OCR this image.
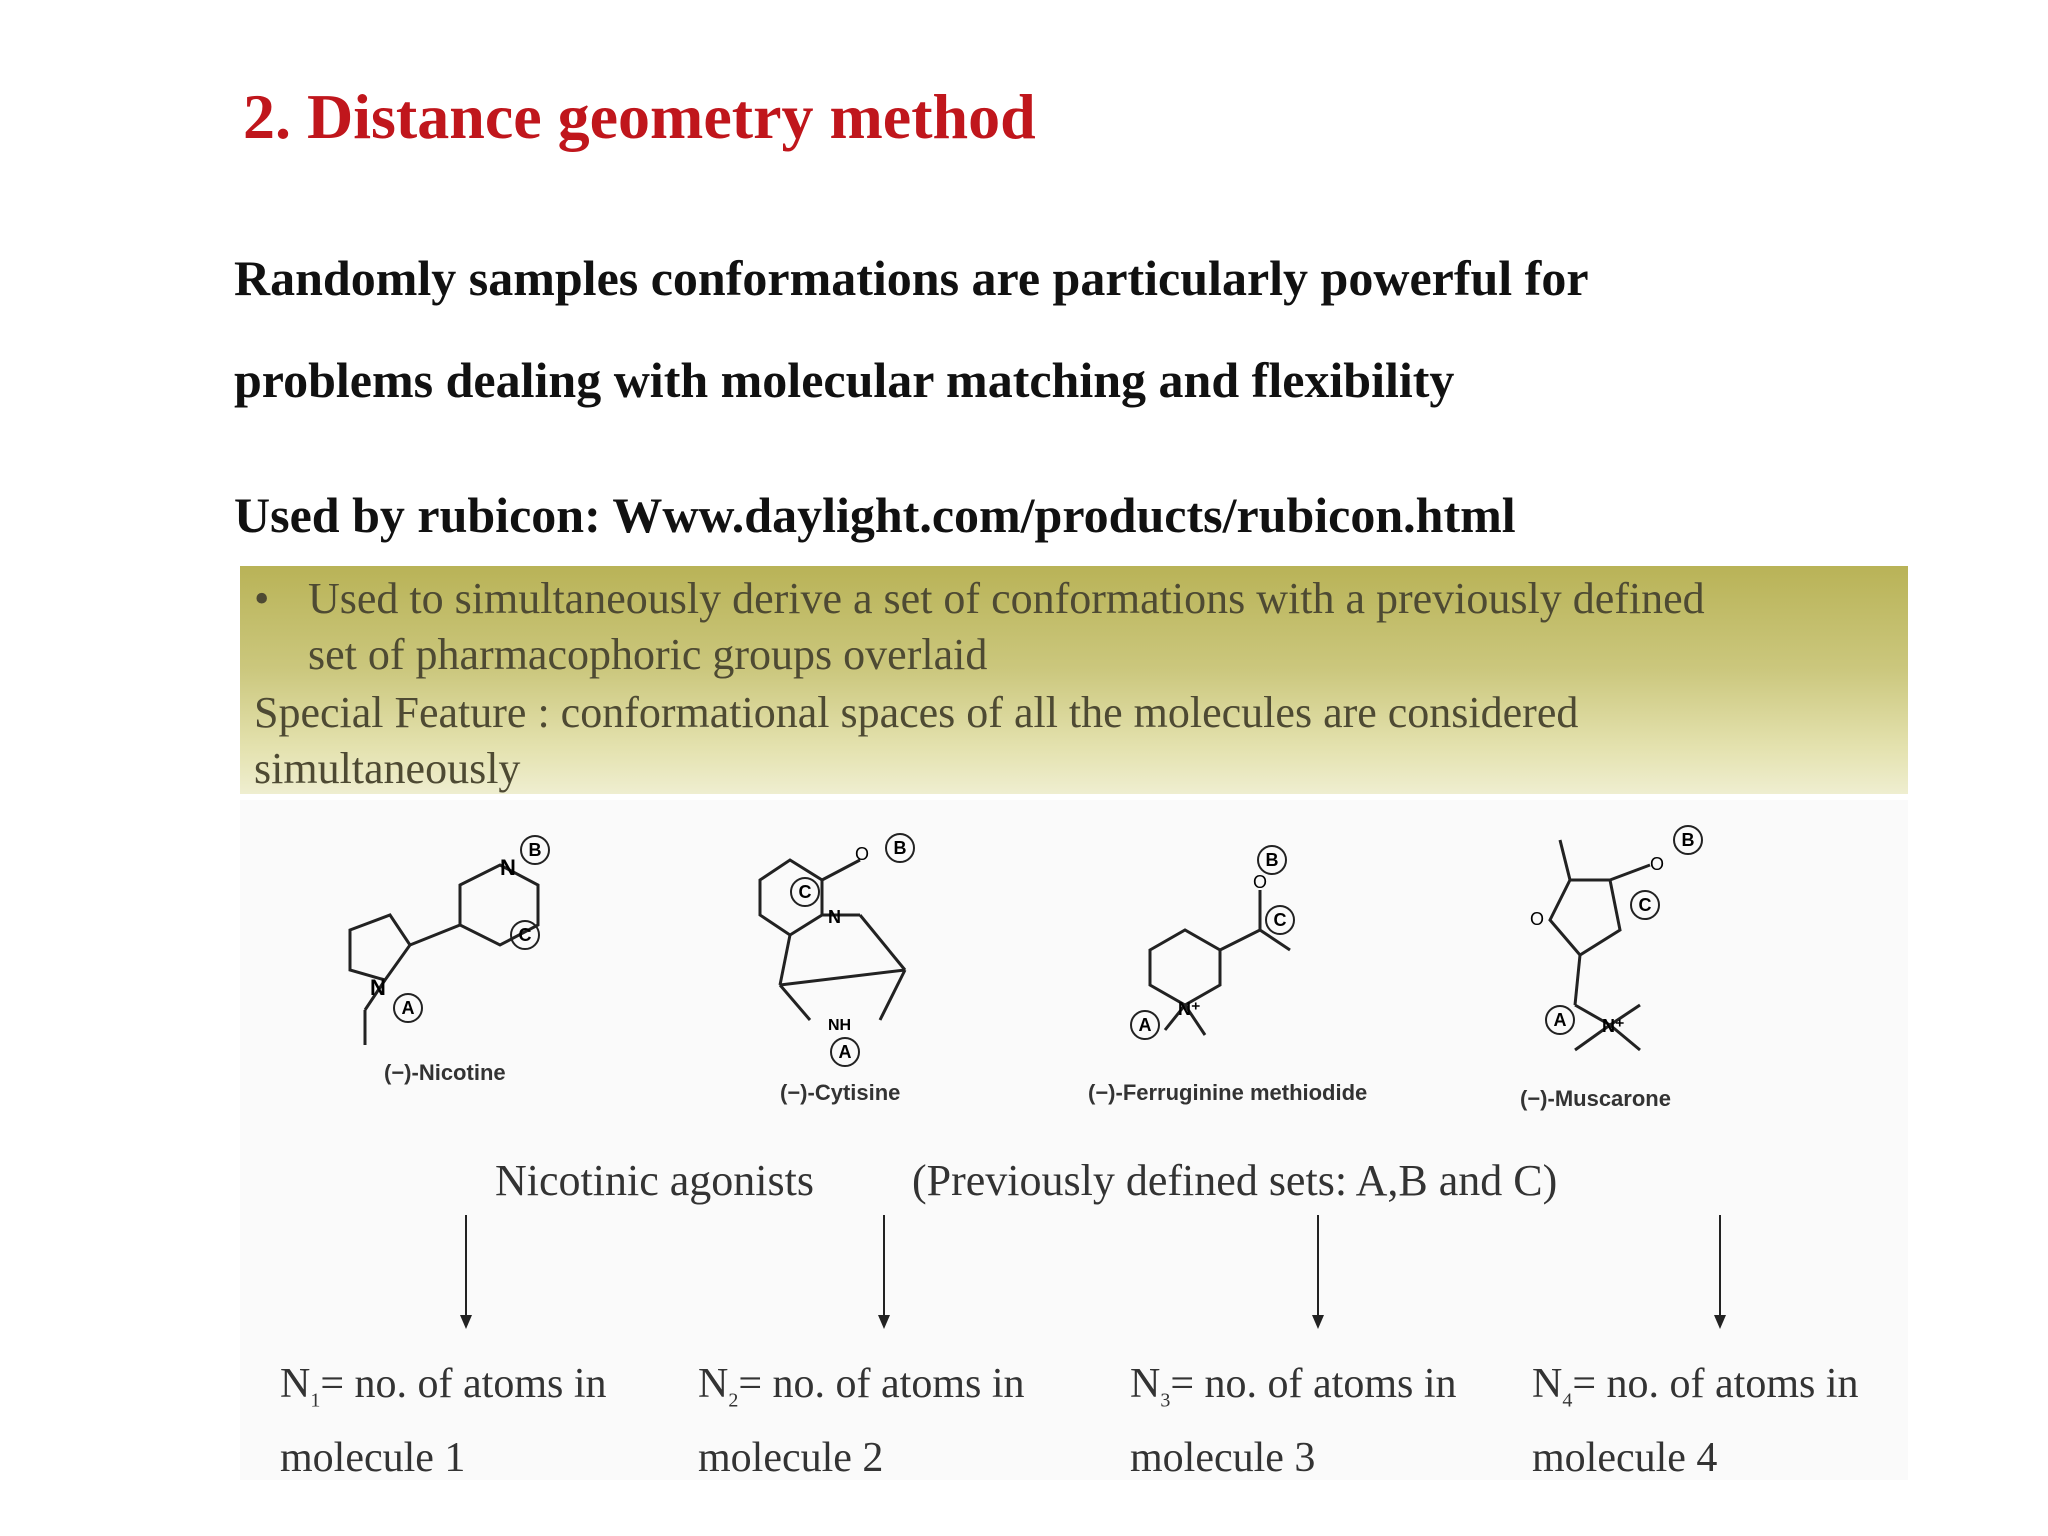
2. Distance geometry method

Randomly samples conformations are particularly powerful for

problems dealing with molecular matching and flexibility

Used by rubicon: Www.daylight.com/products/rubicon.html

• Used to simultaneously derive a set of conformations with a previously defined
set of pharmacophoric groups overlaid
Special Feature : conformational spaces of all the molecules are considered
simultaneously
N
N
B
C
A
(−)-Nicotine
O
N
NH
B
C
A
(−)-Cytisine
O
N⁺
B
C
A
(−)-Ferruginine methiodide
O
O
N⁺
B
C
A
(−)-Muscarone
Nicotinic agonists (Previously defined sets: A,B and C)
$N_1=$ no. of atoms in
molecule 1
$N_2=$ no. of atoms in
molecule 2
$N_3=$ no. of atoms in
molecule 3
$N_4=$ no. of atoms in
molecule 4
